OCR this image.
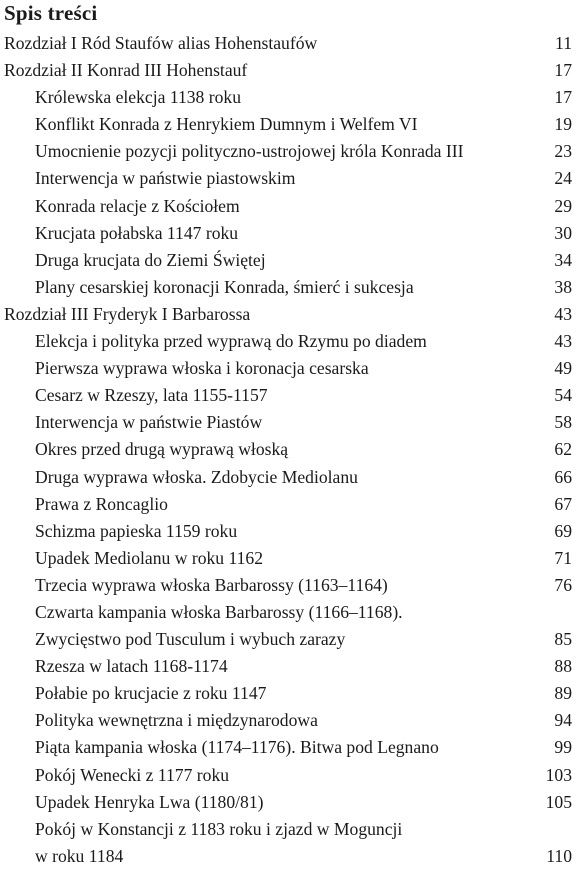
Spis treści
Rozdział I Ród Staufów alias Hohenstaufów	11
Rozdział II Konrad III Hohenstauf	17
Królewska elekcja 1138 roku	17
Konflikt Konrada z Henrykiem Dumnym i Welfem VI	19
Umocnienie pozycji polityczno-ustrojowej króla Konrada III	23
Interwencja w państwie piastowskim	24
Konrada relacje z Kościołem	29
Krucjata połabska 1147 roku	30
Druga krucjata do Ziemi Świętej	34
Plany cesarskiej koronacji Konrada, śmierć i sukcesja	38
Rozdział III Fryderyk I Barbarossa	43
Elekcja i polityka przed wyprawą do Rzymu po diadem	43
Pierwsza wyprawa włoska i koronacja cesarska	49
Cesarz w Rzeszy, lata 1155-1157	54
Interwencja w państwie Piastów	58
Okres przed drugą wyprawą włoską	62
Druga wyprawa włoska. Zdobycie Mediolanu	66
Prawa z Roncaglio	67
Schizma papieska 1159 roku	69
Upadek Mediolanu w roku 1162	71
Trzecia wyprawa włoska Barbarossy (1163–1164)	76
Czwarta kampania włoska Barbarossy (1166–1168).
Zwycięstwo pod Tusculum i wybuch zarazy	85
Rzesza w latach 1168-1174	88
Połabie po krucjacie z roku 1147	89
Polityka wewnętrzna i międzynarodowa	94
Piąta kampania włoska (1174–1176). Bitwa pod Legnano	99
Pokój Wenecki z 1177 roku	103
Upadek Henryka Lwa (1180/81)	105
Pokój w Konstancji z 1183 roku i zjazd w Moguncji
w roku 1184	110
